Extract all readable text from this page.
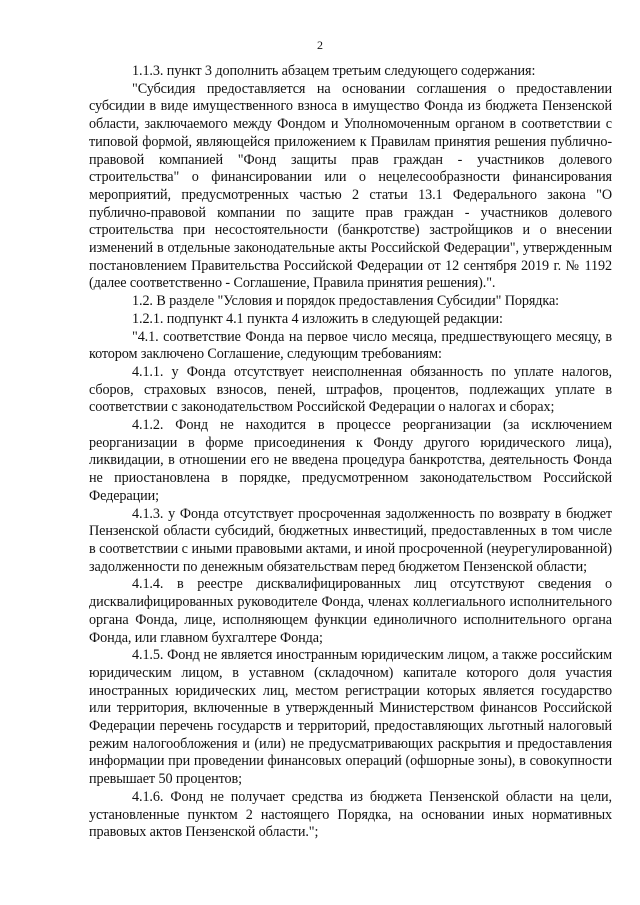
2

1.1.3. пункт 3 дополнить абзацем третьим следующего содержания:

"Субсидия предоставляется на основании соглашения о предоставлении субсидии в виде имущественного взноса в имущество Фонда из бюджета Пензенской области, заключаемого между Фондом и Уполномоченным органом в соответствии с типовой формой, являющейся приложением к Правилам принятия решения публично-правовой компанией "Фонд защиты прав граждан - участников долевого строительства" о финансировании или о нецелесообразности финансирования мероприятий, предусмотренных частью 2 статьи 13.1 Федерального закона "О публично-правовой компании по защите прав граждан - участников долевого строительства при несостоятельности (банкротстве) застройщиков и о внесении изменений в отдельные законодательные акты Российской Федерации", утвержденным постановлением Правительства Российской Федерации от 12 сентября 2019 г. № 1192 (далее соответственно - Соглашение, Правила принятия решения).".

1.2. В разделе "Условия и порядок предоставления Субсидии" Порядка:

1.2.1. подпункт 4.1 пункта 4 изложить в следующей редакции:

"4.1. соответствие Фонда на первое число месяца, предшествующего месяцу, в котором заключено Соглашение, следующим требованиям:

4.1.1. у Фонда отсутствует неисполненная обязанность по уплате налогов, сборов, страховых взносов, пеней, штрафов, процентов, подлежащих уплате в соответствии с законодательством Российской Федерации о налогах и сборах;

4.1.2. Фонд не находится в процессе реорганизации (за исключением реорганизации в форме присоединения к Фонду другого юридического лица), ликвидации, в отношении его не введена процедура банкротства, деятельность Фонда не приостановлена в порядке, предусмотренном законодательством Российской Федерации;

4.1.3. у Фонда отсутствует просроченная задолженность по возврату в бюджет Пензенской области субсидий, бюджетных инвестиций, предоставленных в том числе в соответствии с иными правовыми актами, и иной просроченной (неурегулированной) задолженности по денежным обязательствам перед бюджетом Пензенской области;

4.1.4. в реестре дисквалифицированных лиц отсутствуют сведения о дисквалифицированных руководителе Фонда, членах коллегиального исполнительного органа Фонда, лице, исполняющем функции единоличного исполнительного органа Фонда, или главном бухгалтере Фонда;

4.1.5. Фонд не является иностранным юридическим лицом, а также российским юридическим лицом, в уставном (складочном) капитале которого доля участия иностранных юридических лиц, местом регистрации которых является государство или территория, включенные в утвержденный Министерством финансов Российской Федерации перечень государств и территорий, предоставляющих льготный налоговый режим налогообложения и (или) не предусматривающих раскрытия и предоставления информации при проведении финансовых операций (офшорные зоны), в совокупности превышает 50 процентов;

4.1.6. Фонд не получает средства из бюджета Пензенской области на цели, установленные пунктом 2 настоящего Порядка, на основании иных нормативных правовых актов Пензенской области.";
